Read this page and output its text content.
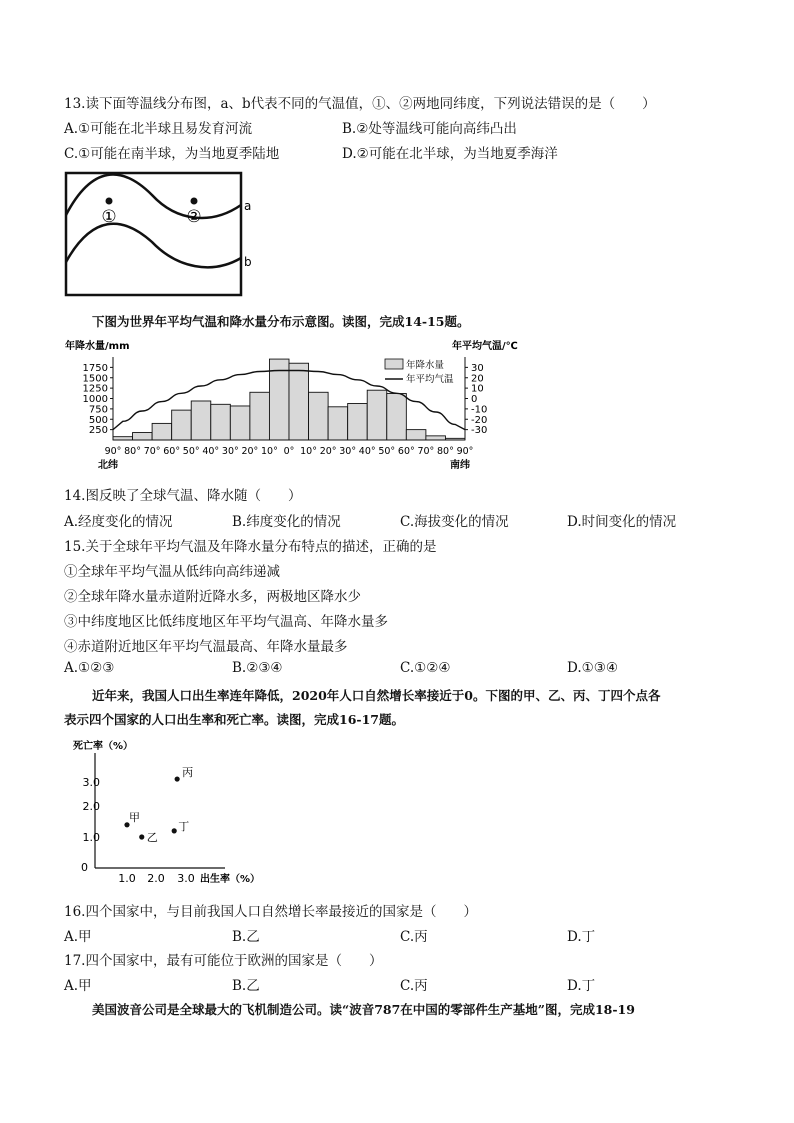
13.读下面等温线分布图，a、b代表不同的气温值，①、②两地同纬度，下列说法错误的是（　　）
A.①可能在北半球且易发育河流	B.②处等温线可能向高纬凸出
C.①可能在南半球，为当地夏季陆地	D.②可能在北半球，为当地夏季海洋
①	②
a
b
下图为世界年平均气温和降水量分布示意图。读图，完成14-15题。
年降水量/mm	年平均气温/℃
1750
1500
1250
1000
750
500
250
30
20
10
0
-10
-20
-30
90° 80° 70° 60° 50° 40° 30° 20° 10° 0° 10° 20° 30° 40° 50° 60° 70° 80° 90°
北纬	南纬
年降水量
年平均气温
14.图反映了全球气温、降水随（　　）
A.经度变化的情况	B.纬度变化的情况	C.海拔变化的情况	D.时间变化的情况
15.关于全球年平均气温及年降水量分布特点的描述，正确的是
①全球年平均气温从低纬向高纬递减
②全球年降水量赤道附近降水多，两极地区降水少
③中纬度地区比低纬度地区年平均气温高、年降水量多
④赤道附近地区年平均气温最高、年降水量最多
A.①②③	B.②③④	C.①②④	D.①③④
近年来，我国人口出生率连年降低，2020年人口自然增长率接近于0。下图的甲、乙、丙、丁四个点各
表示四个国家的人口出生率和死亡率。读图，完成16-17题。
死亡率（%）
3.0
2.0
1.0
0
1.0 2.0 3.0 出生率（%）
甲
乙
丙
丁
16.四个国家中，与目前我国人口自然增长率最接近的国家是（　　）
A.甲	B.乙	C.丙	D.丁
17.四个国家中，最有可能位于欧洲的国家是（　　）
A.甲	B.乙	C.丙	D.丁
美国波音公司是全球最大的飞机制造公司。读“波音787在中国的零部件生产基地”图，完成18-19
